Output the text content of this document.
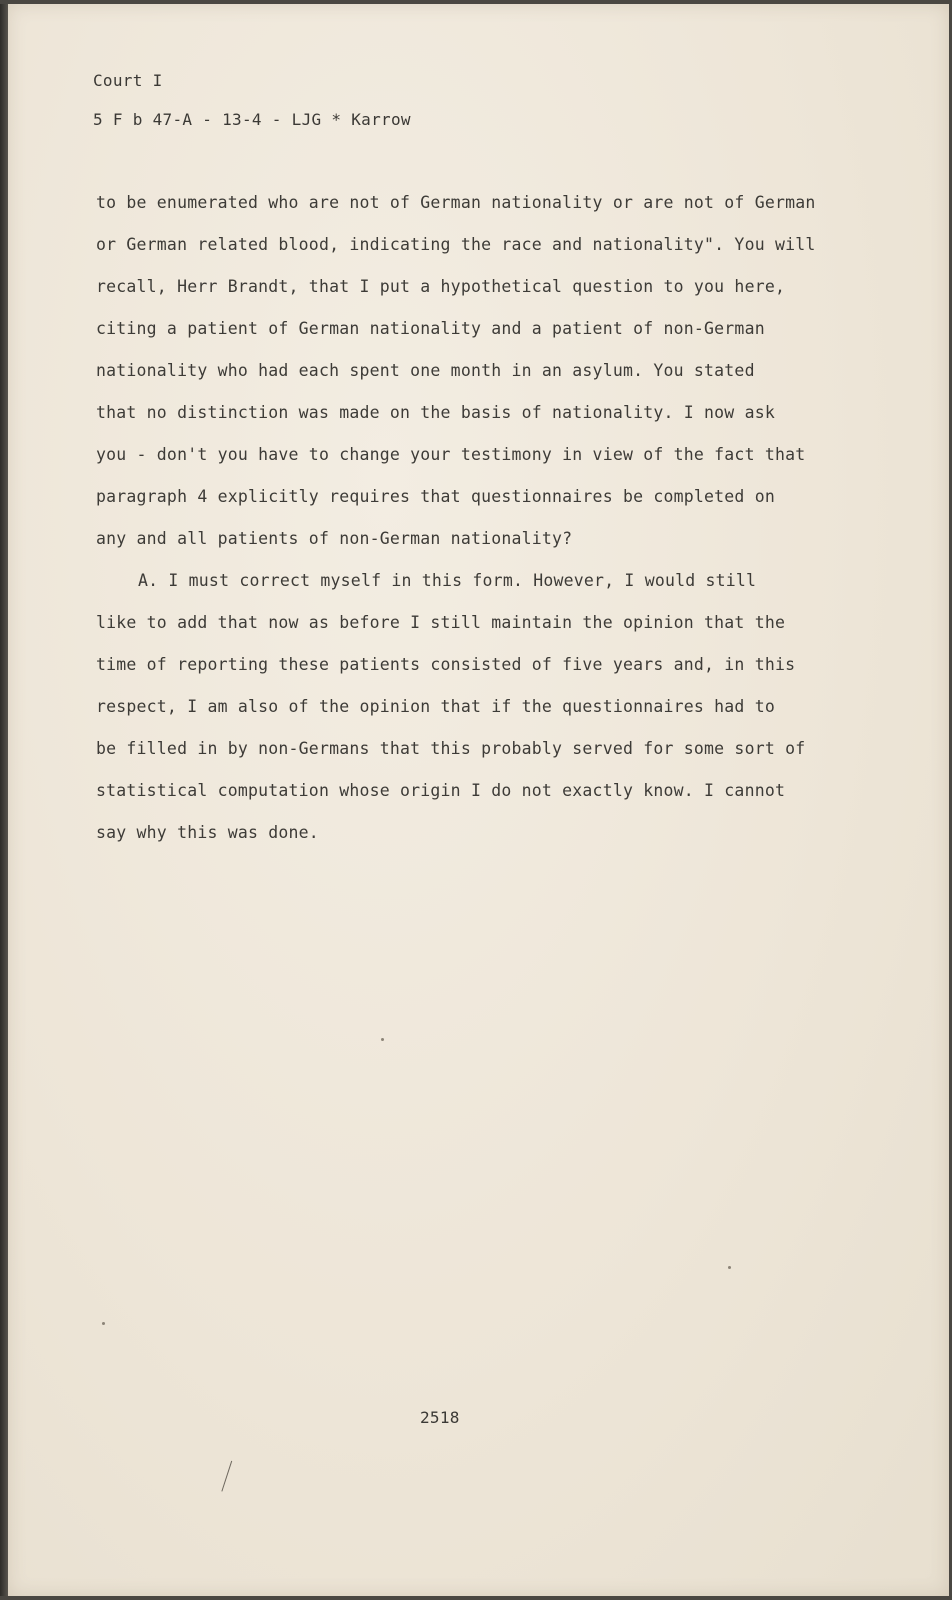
Court I
5 F b 47-A - 13-4 - LJG * Karrow
to be enumerated who are not of German nationality or are not of German
or German related blood, indicating the race and nationality". You will
recall, Herr Brandt, that I put a hypothetical question to you here,
citing a patient of German nationality and a patient of non-German
nationality who had each spent one month in an asylum. You stated
that no distinction was made on the basis of nationality. I now ask
you - don't you have to change your testimony in view of the fact that
paragraph 4 explicitly requires that questionnaires be completed on
any and all patients of non-German nationality?
A. I must correct myself in this form. However, I would still
like to add that now as before I still maintain the opinion that the
time of reporting these patients consisted of five years and, in this
respect, I am also of the opinion that if the questionnaires had to
be filled in by non-Germans that this probably served for some sort of
statistical computation whose origin I do not exactly know. I cannot
say why this was done.
2518
